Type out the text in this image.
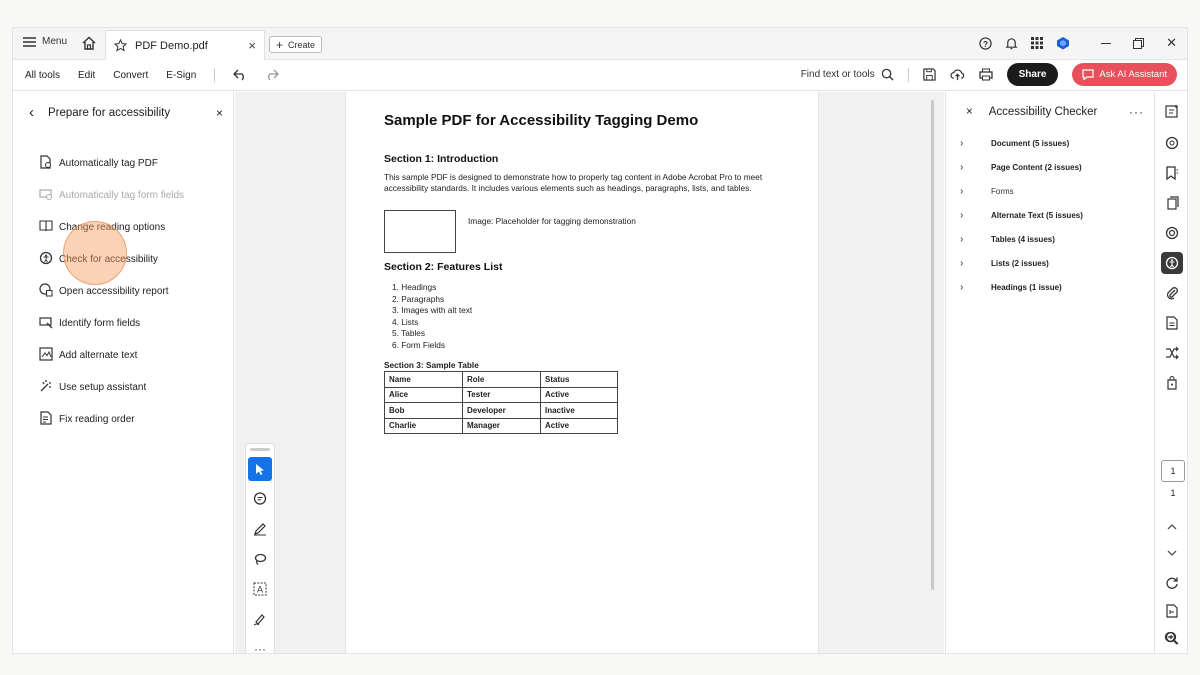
Menu	PDF Demo.pdf	× + Create	?	✕
All tools Edit Convert E-Sign	Find text or tools	Share	Ask AI Assistant
‹ Prepare for accessibility	×
Automatically tag PDF
Automatically tag form fields
Change reading options
Check for accessibility
Open accessibility report
Identify form fields
Add alternate text
Use setup assistant
Fix reading order
Sample PDF for Accessibility Tagging Demo
Section 1: Introduction
This sample PDF is designed to demonstrate how to properly tag content in Adobe Acrobat Pro to meet accessibility standards. It includes various elements such as headings, paragraphs, lists, and tables.
Image: Placeholder for tagging demonstration
Section 2: Features List
1. Headings
2. Paragraphs
3. Images with alt text
4. Lists
5. Tables
6. Form Fields
Section 3: Sample Table
Name	Role	Status
Alice	Tester	Active
Bob	Developer	Inactive
Charlie	Manager	Active
A
···
× Accessibility Checker	···
›	Document (5 issues)
›	Page Content (2 issues)
›	Forms
›	Alternate Text (5 issues)
›	Tables (4 issues)
›	Lists (2 issues)
›	Headings (1 issue)
1
1
